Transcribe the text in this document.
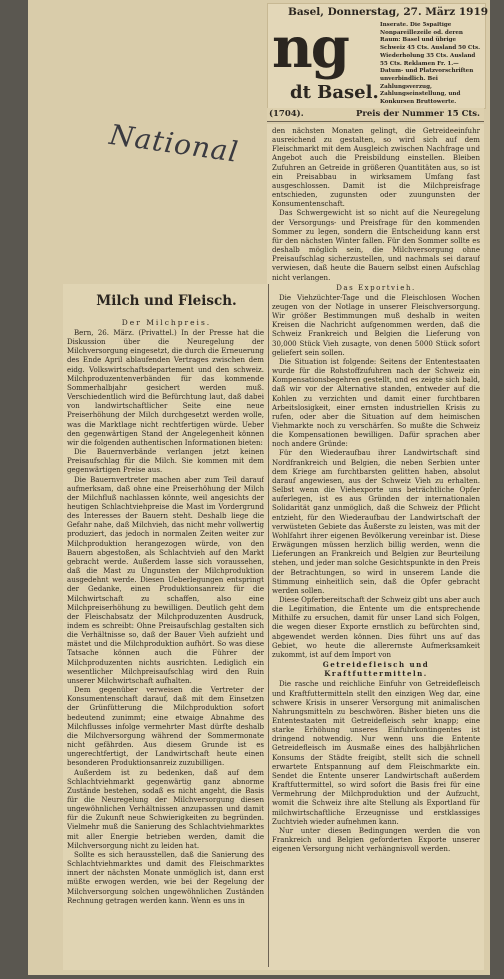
ng
dt Basel.
Basel, Donnerstag, 27. März 1919
Inserate. Die 5spaltige Nonpareillezeile od. deren Raum: Basel und übrige Schweiz 45 Cts. Ausland 50 Cts. Wiederholung 35 Cts. Ausland 55 Cts. Reklamen Fr. 1.— Datum- und Platzvorschriften unverbindlich. Bei Zahlungsverzug, Zahlungseinstellung, und Konkursen Bruttowerte.
(1704).	Preis der Nummer 15 Cts.
National
Milch und Fleisch.
Der Milchpreis.

Bern, 26. März. (Privattel.) In der Presse hat die Diskussion über die Neuregelung der Milchversorgung eingesetzt, die durch die Erneuerung des Ende April ablaufenden Vertrages zwischen dem eidg. Volkswirtschaftsdepartement und den schweiz. Milchproduzentenverbänden für das kommende Sommerhalbjahr gesichert werden muß. Verschiedentlich wird die Befürchtung laut, daß dabei von landwirtschaftlicher Seite eine neue Preiserhöhung der Milch durchgesetzt werden wolle, was die Marktlage nicht rechtfertigen würde. Ueber den gegenwärtigen Stand der Angelegenheit können wir die folgenden authentischen Informationen bieten:

Die Bauernverbände verlangen jetzt keinen Preisaufschlag für die Milch. Sie kommen mit dem gegenwärtigen Preise aus.

Die Bauernvertreter machen aber zum Teil darauf aufmerksam, daß ohne eine Preiserhöhung der Milch der Milchfluß nachlassen könnte, weil angesichts der heutigen Schlachtviehpreise die Mast im Vordergrund des Interesses der Bauern steht. Deshalb liege die Gefahr nahe, daß Milchvieh, das nicht mehr vollwertig produziert, das jedoch in normalen Zeiten weiter zur Milchproduktion herangezogen würde, von den Bauern abgestoßen, als Schlachtvieh auf den Markt gebracht werde. Außerdem lasse sich voraussehen, daß die Mast zu Ungunsten der Milchproduktion ausgedehnt werde. Diesen Ueberlegungen entspringt der Gedanke, einen Produktionsanreiz für die Milchwirtschaft zu schaffen, also eine Milchpreiserhöhung zu bewilligen. Deutlich geht dem der Fleischabsatz der Milchproduzenten Ausdruck, indem es schreibt: Ohne Preisaufschlag gestalten sich die Verhältnisse so, daß der Bauer Vieh aufzieht und mästet und die Milchproduktion aufhört. So was diese Tatsache können auch die Führer der Milchproduzenten nichts ausrichten. Lediglich ein wesentlicher Milchpreisaufschlag wird den Ruin unserer Milchwirtschaft aufhalten.

Dem gegenüber verweisen die Vertreter der Konsumentenschaft darauf, daß mit dem Einsetzen der Grünfütterung die Milchproduktion sofort bedeutend zunimmt; eine etwaige Abnahme des Milchflusses infolge vermehrter Mast dürfte deshalb die Milchversorgung während der Sommermonate nicht gefährden. Aus diesem Grunde ist es ungerechtfertigt, der Landwirtschaft heute einen besonderen Produktionsanreiz zuzubilligen.

Außerdem ist zu bedenken, daß auf dem Schlachtviehmarkt gegenwärtig ganz abnorme Zustände bestehen, sodaß es nicht angeht, die Basis für die Neuregelung der Milchversorgung diesen ungewöhnlichen Verhältnissen anzupassen und damit für die Zukunft neue Schwierigkeiten zu begründen. Vielmehr muß die Sanierung des Schlachtviehmarktes mit aller Energie betrieben werden, damit die Milchversorgung nicht zu leiden hat.

Sollte es sich herausstellen, daß die Sanierung des Schlachtviehmarktes und damit des Fleischmarktes innert der nächsten Monate unmöglich ist, dann erst müßte erwogen werden, wie bei der Regelung der Milchversorgung solchen ungewöhnlichen Zuständen Rechnung getragen werden kann. Wenn es uns in

den nächsten Monaten gelingt, die Getreideeinfuhr ausreichend zu gestalten, so wird sich auf dem Fleischmarkt mit dem Ausgleich zwischen Nachfrage und Angebot auch die Preisbildung einstellen. Bleiben Zufuhren an Getreide in größeren Quantitäten aus, so ist ein Preisabbau in wirksamem Umfang fast ausgeschlossen. Damit ist die Milchpreisfrage entschieden, zugunsten oder zuungunsten der Konsumentenschaft.

Das Schwergewicht ist so nicht auf die Neuregelung der Versorgungs- und Preisfrage für den kommenden Sommer zu legen, sondern die Entscheidung kann erst für den nächsten Winter fallen. Für den Sommer sollte es deshalb möglich sein, die Milchversorgung ohne Preisaufschlag sicherzustellen, und nachmals sei darauf verwiesen, daß heute die Bauern selbst einen Aufschlag nicht verlangen.

Das Exportvieh.

Die Viehzüchter-Tage und die Fleischlosen Wochen zeugen von der Notlage in unserer Fleischversorgung. Wir größer Bestimmungen muß deshalb in weiten Kreisen die Nachricht aufgenommen werden, daß die Schweiz Frankreich und Belgien die Lieferung von 30,000 Stück Vieh zusagte, von denen 5000 Stück sofort geliefert sein sollen.

Die Situation ist folgende: Seitens der Ententestaaten wurde für die Rohstoffzufuhren nach der Schweiz ein Kompensationsbegehren gestellt, und es zeigte sich bald, daß wir vor der Alternative standen, entweder auf die Kohlen zu verzichten und damit einer furchtbaren Arbeitslosigkeit, einer ernsten industriellen Krisis zu rufen, oder aber die Situation auf dem heimischen Viehmarkte noch zu verschärfen. So mußte die Schweiz die Kompensationen bewilligen. Dafür sprachen aber noch andere Gründe:

Für den Wiederaufbau ihrer Landwirtschaft sind Nordfrankreich und Belgien, die neben Serbien unter dem Kriege am furchtbarsten gelitten haben, absolut darauf angewiesen, aus der Schweiz Vieh zu erhalten. Selbst wenn die Viehexporte uns beträchtliche Opfer auferlegen, ist es aus Gründen der internationalen Solidarität ganz unmöglich, daß die Schweiz der Pflicht entzieht, für den Wiederaufbau der Landwirtschaft der verwüsteten Gebiete das Äußerste zu leisten, was mit der Wohlfahrt ihrer eigenen Bevölkerung vereinbar ist. Diese Erwägungen müssen herzlich billig werden, wenn die Lieferungen an Frankreich und Belgien zur Beurteilung stehen, und jeder man solche Gesichtspunkte in den Preis der Betrachtungen, so wird in unserem Lande die Stimmung einheitlich sein, daß die Opfer gebracht werden sollen.

Diese Opferbereitschaft der Schweiz gibt uns aber auch die Legitimation, die Entente um die entsprechende Mithilfe zu ersuchen, damit für unser Land sich Folgen, die wegen dieser Exporte ernstlich zu befürchten sind, abgewendet werden können. Dies führt uns auf das Gebiet, wo heute die allerernste Aufmerksamkeit zukommt, ist auf dem Import von

Getreidefleisch und Kraftfuttermitteln.

Die rasche und reichliche Einfuhr von Getreidefleisch und Kraftfuttermitteln stellt den einzigen Weg dar, eine schwere Krisis in unserer Versorgung mit animalischen Nahrungsmitteln zu beschwören. Bisher bieten uns die Ententestaaten mit Getreidefleisch sehr knapp; eine starke Erhöhung unseres Einfuhrkontingentes ist dringend notwendig. Nur wenn uns die Entente Getreidefleisch im Ausmaße eines des halbjährlichen Konsums der Städte freigibt, stellt sich die schnell erwartete Entspannung auf dem Fleischmarkte ein. Sendet die Entente unserer Landwirtschaft außerdem Kraftfuttermittel, so wird sofort die Basis frei für eine Vermehrung der Milchproduktion und der Aufzucht, womit die Schweiz ihre alte Stellung als Exportland für milchwirtschaftliche Erzeugnisse und erstklassiges Zuchtvieh wieder aufnehmen kann.

Nur unter diesen Bedingungen werden die von Frankreich und Belgien geforderten Exporte unserer eigenen Versorgung nicht verhängnisvoll werden.
